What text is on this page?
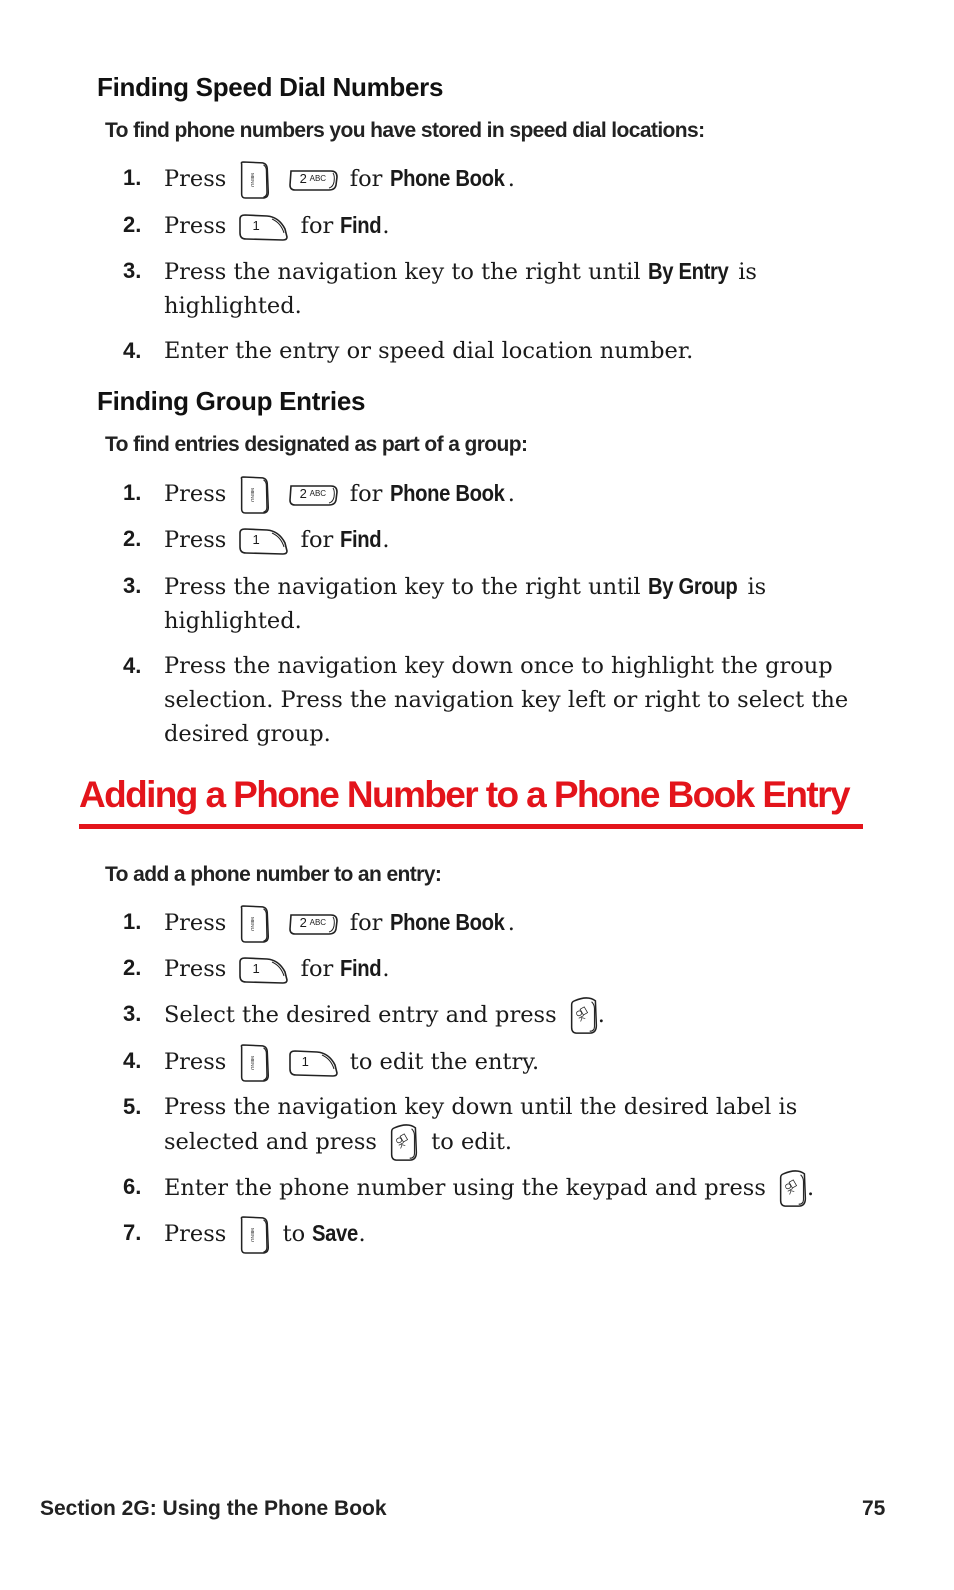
Finding Speed Dial Numbers
To find phone numbers you have stored in speed dial locations:
1.	Press	2 ABC for Phone Book .
2.	Press 1 for Find.
3.	Press the navigation key to the right until By Entry is highlighted.
4.	Enter the entry or speed dial location number.
Finding Group Entries
To find entries designated as part of a group:
1.	Press	2 ABC for Phone Book .
2.	Press 1 for Find.
3.	Press the navigation key to the right until By Group is highlighted.
4.	Press the navigation key down once to highlight the group selection. Press the navigation key left or right to select the desired group.
Adding a Phone Number to a Phone Book Entry
To add a phone number to an entry:
1.	Press	2 ABC for Phone Book .
2.	Press 1 for Find.
3.	Select the desired entry and press OK .
4.	Press	1 to edit the entry.
5.	Press the navigation key down until the desired label is selected and press OK to edit.
6.	Enter the phone number using the keypad and press OK .
7.	Press	to Save.
Section 2G: Using the Phone Book	75
